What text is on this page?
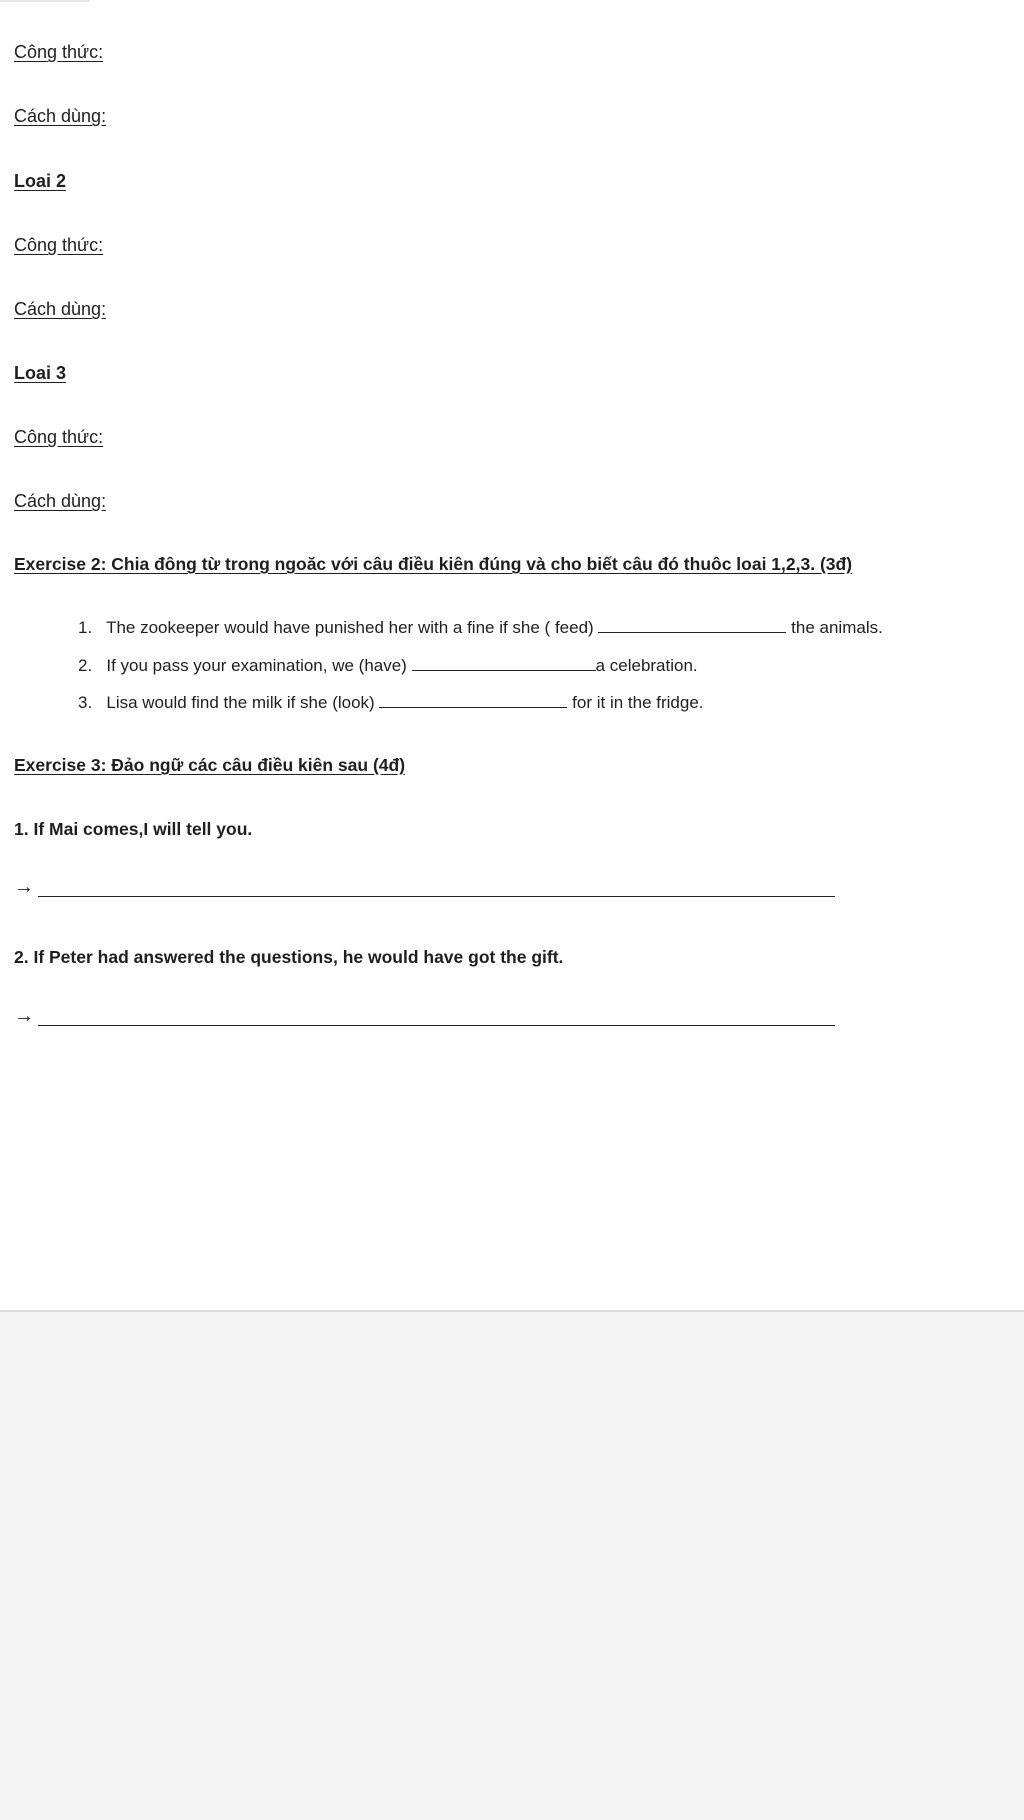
Công thức:
Cách dùng:
Loai 2
Công thức:
Cách dùng:
Loai 3
Công thức:
Cách dùng:
Exercise 2: Chia đông từ trong ngoăc với câu điều kiên đúng và cho biết câu đó thuôc loai 1,2,3. (3đ)
1. The zookeeper would have punished her with a fine if she ( feed)	the animals.
2. If you pass your examination, we (have)	a celebration.
3. Lisa would find the milk if she (look)	for it in the fridge.
Exercise 3: Đảo ngữ các câu điều kiên sau (4đ)
1. If Mai comes,I will tell you.
→
2. If Peter had answered the questions, he would have got the gift.
→
